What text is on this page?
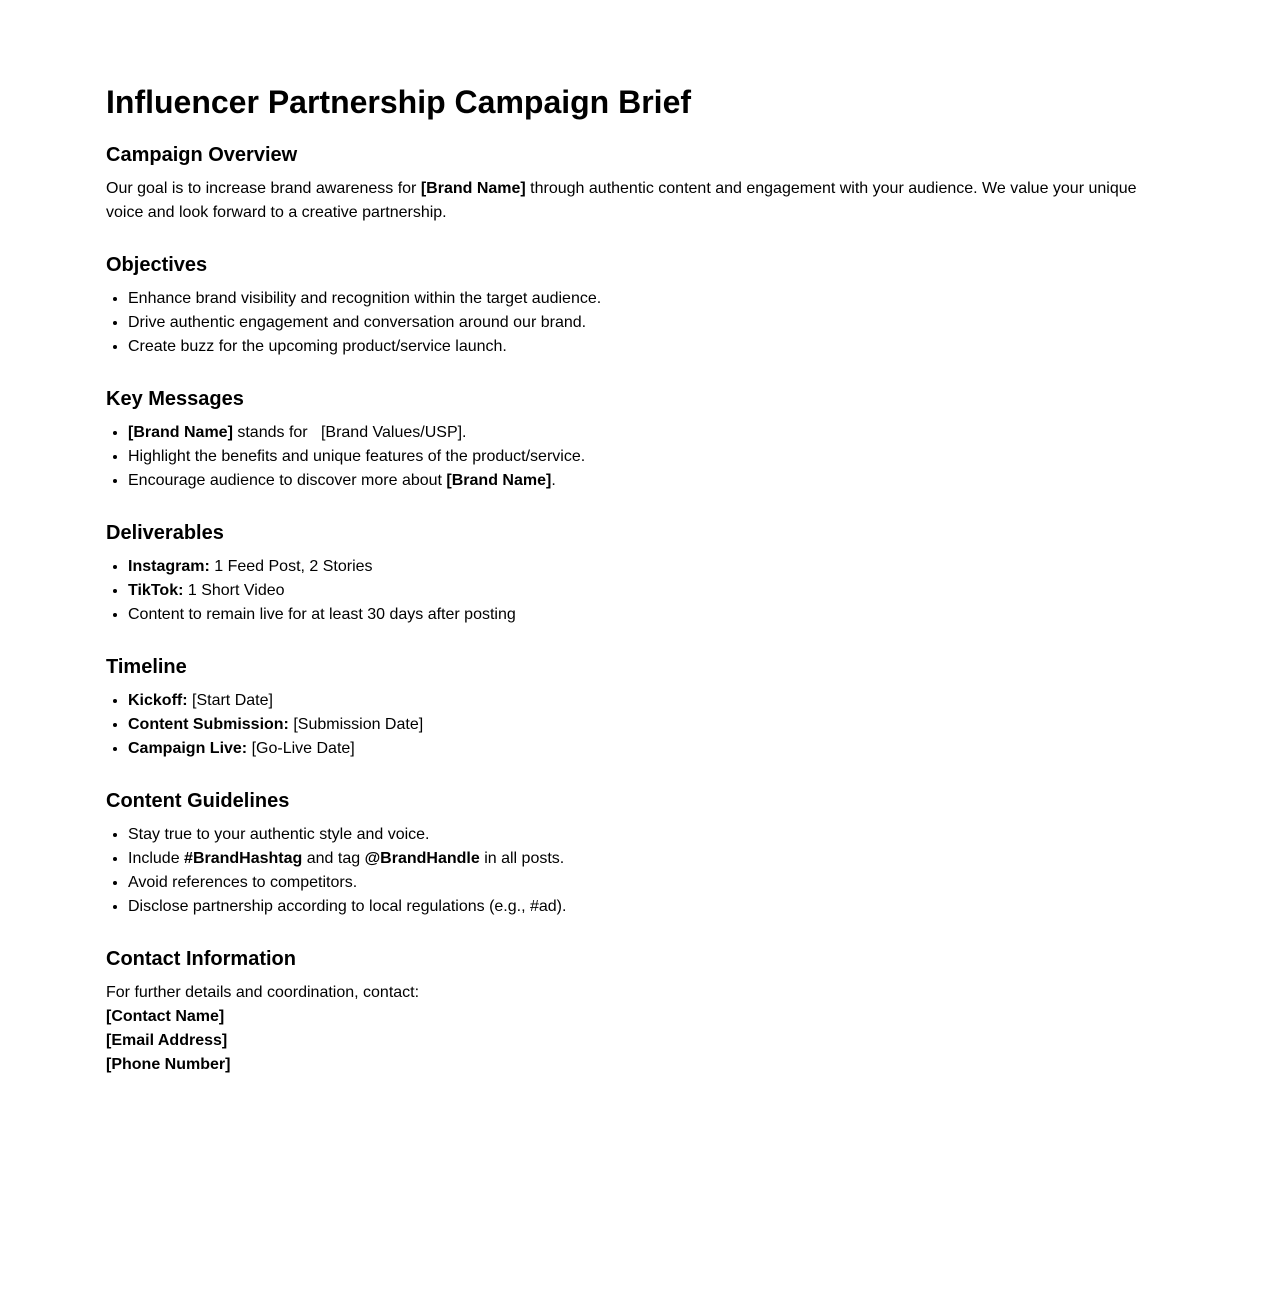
Influencer Partnership Campaign Brief
Campaign Overview

Our goal is to increase brand awareness for [Brand Name] through authentic content and engagement with your audience. We value your unique voice and look forward to a creative partnership.

Objectives
• Enhance brand visibility and recognition within the target audience.
• Drive authentic engagement and conversation around our brand.
• Create buzz for the upcoming product/service launch.
Key Messages
• [Brand Name] stands for   [Brand Values/USP].
• Highlight the benefits and unique features of the product/service.
• Encourage audience to discover more about [Brand Name].
Deliverables
• Instagram: 1 Feed Post, 2 Stories
• TikTok: 1 Short Video
• Content to remain live for at least 30 days after posting
Timeline
• Kickoff: [Start Date]
• Content Submission: [Submission Date]
• Campaign Live: [Go-Live Date]
Content Guidelines
• Stay true to your authentic style and voice.
• Include #BrandHashtag and tag @BrandHandle in all posts.
• Avoid references to competitors.
• Disclose partnership according to local regulations (e.g., #ad).
Contact Information

For further details and coordination, contact:

[Contact Name]

[Email Address]

[Phone Number]
